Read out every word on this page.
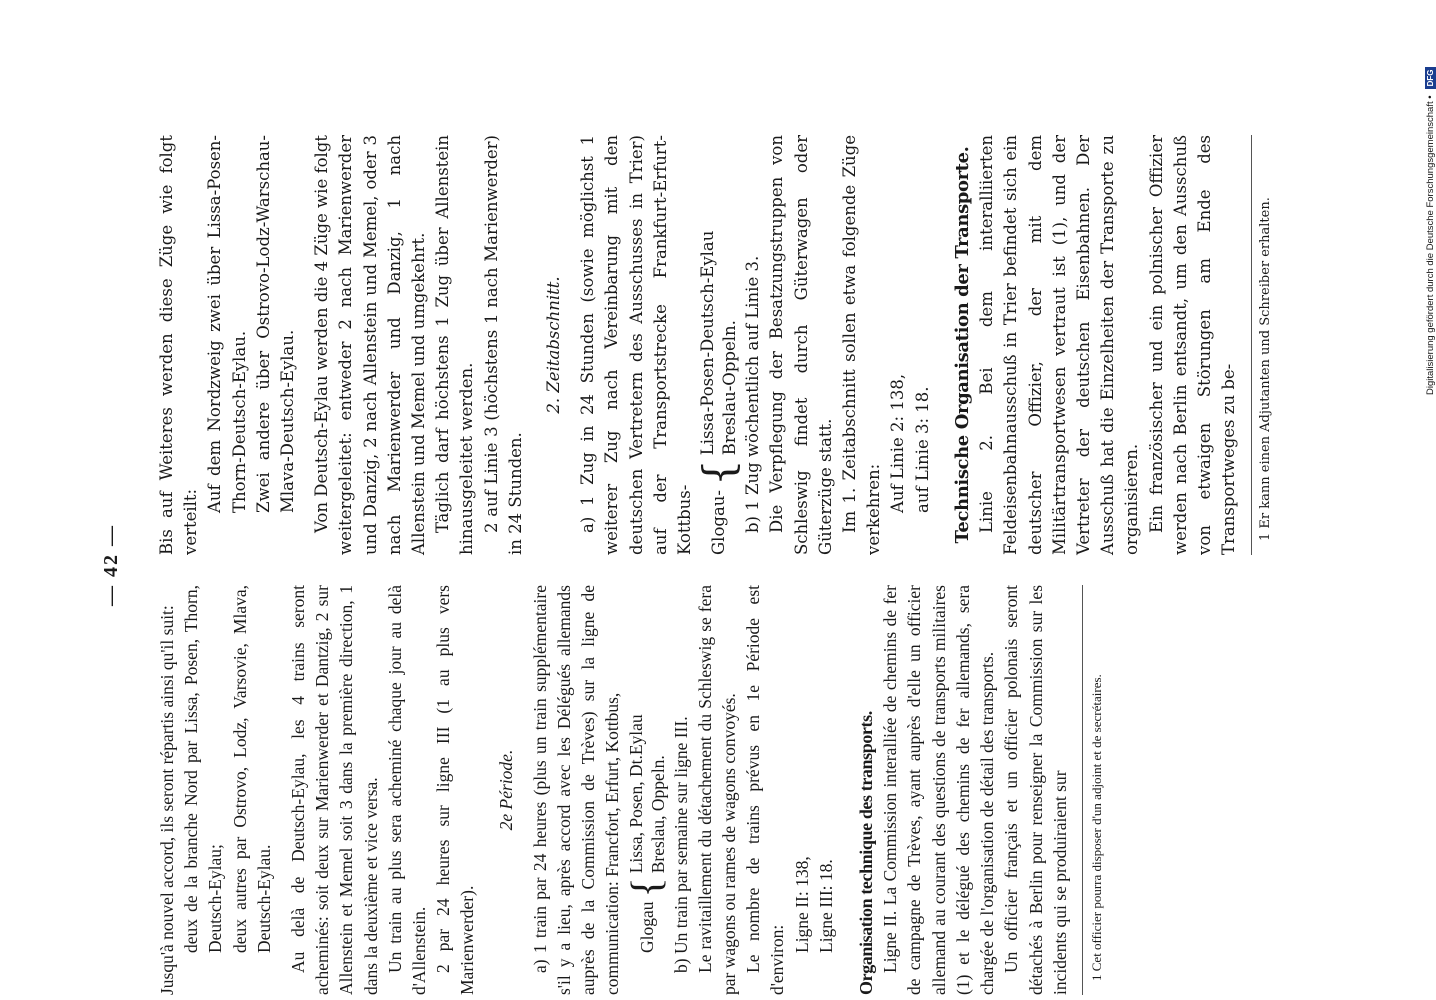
— 42 —

Jusqu'à nouvel accord, ils seront répartis ainsi qu'il suit: deux de la branche Nord par Lissa, Posen, Thorn, Deutsch-Eylau; deux autres par Ostrovo, Lodz, Varsovie, Mlava, Deutsch-Eylau. Au delà de Deutsch-Eylau, les 4 trains seront acheminés: soit deux sur Marienwerder et Dantzig, 2 sur Allenstein et Memel soit 3 dans la première direction, 1 dans la deuxième et vice versa. Un train au plus sera acheminé chaque jour au delà d'Allenstein. 2 par 24 heures sur ligne III (1 au plus vers Marienwerder).

2e Période. a) 1 train par 24 heures (plus un train supplémentaire s'il y a lieu, après accord avec les Délégués allemands auprès de la Commission de Trèves) sur la ligne de communication: Francfort, Erfurt, Kottbus, Glogau
{
Lissa, Posen, Dt.Eylau Breslau, Oppeln. b) Un train par semaine sur ligne III. Le ravitaillement du détachement du Schleswig se fera par wagons ou rames de wagons convoyés. Le nombre de trains prévus en 1e Période est d'environ:

Ligne II: 138, Ligne III: 18. Organisation technique des transports. Ligne II. La Commission interalliée de chemins de fer de campagne de Trèves, ayant auprès d'elle un officier allemand au courant des questions de transports militaires (1) et le délégué des chemins de fer allemands, sera chargée de l'organisation de détail des transports. Un officier français et un officier polonais seront détachés à Berlin pour renseigner la Commission sur les incidents qui se produiraient sur	1 Cet officier pourra disposer d'un adjoint et de secrétaires.

Bis auf Weiteres werden diese Züge wie folgt verteilt:

Auf dem Nordzweig zwei über Lissa-Posen-Thorn-Deutsch-Eylau. Zwei andere über Ostrovo-Lodz-Warschau-Mlava-Deutsch-Eylau. Von Deutsch-Eylau werden die 4 Züge wie folgt weitergeleitet: entweder 2 nach Marienwerder und Danzig, 2 nach Allenstein und Memel, oder 3 nach Marienwerder und Danzig, 1 nach Allenstein und Memel und umgekehrt. Täglich darf höchstens 1 Zug über Allenstein hinausgeleitet werden. 2 auf Linie 3 (höchstens 1 nach Marienwerder) in 24 Stunden.

2. Zeitabschnitt. a) 1 Zug in 24 Stunden (sowie möglichst 1 weiterer Zug nach Vereinbarung mit den deutschen Vertretern des Ausschusses in Trier) auf der Transportstrecke Frankfurt-Erfurt-Kottbus- Glogau-
{
Lissa-Posen-Deutsch-Eylau Breslau-Oppeln. b) 1 Zug wöchentlich auf Linie 3. Die Verpflegung der Besatzungstruppen von Schleswig findet durch Güterwagen oder Güterzüge statt. Im 1. Zeitabschnitt sollen etwa folgende Züge verkehren: Auf Linie 2: 138, auf Linie 3: 18. Technische Organisation der Transporte. Linie 2. Bei dem interalliierten Feldeisenbahnausschuß in Trier befindet sich ein deutscher Offizier, der mit dem Militärtransportwesen vertraut ist (1), und der Vertreter der deutschen Eisenbahnen. Der Ausschuß hat die Einzelheiten der Transporte zu organisieren. Ein französischer und ein polnischer Offizier werden nach Berlin entsandt, um den Ausschuß von etwaigen Störungen am Ende des Transportweges zu be-	1 Er kann einen Adjutanten und Schreiber erhalten.	Digitalisierung gefördert durch die Deutsche Forschungsgemeinschaft •
DFG
